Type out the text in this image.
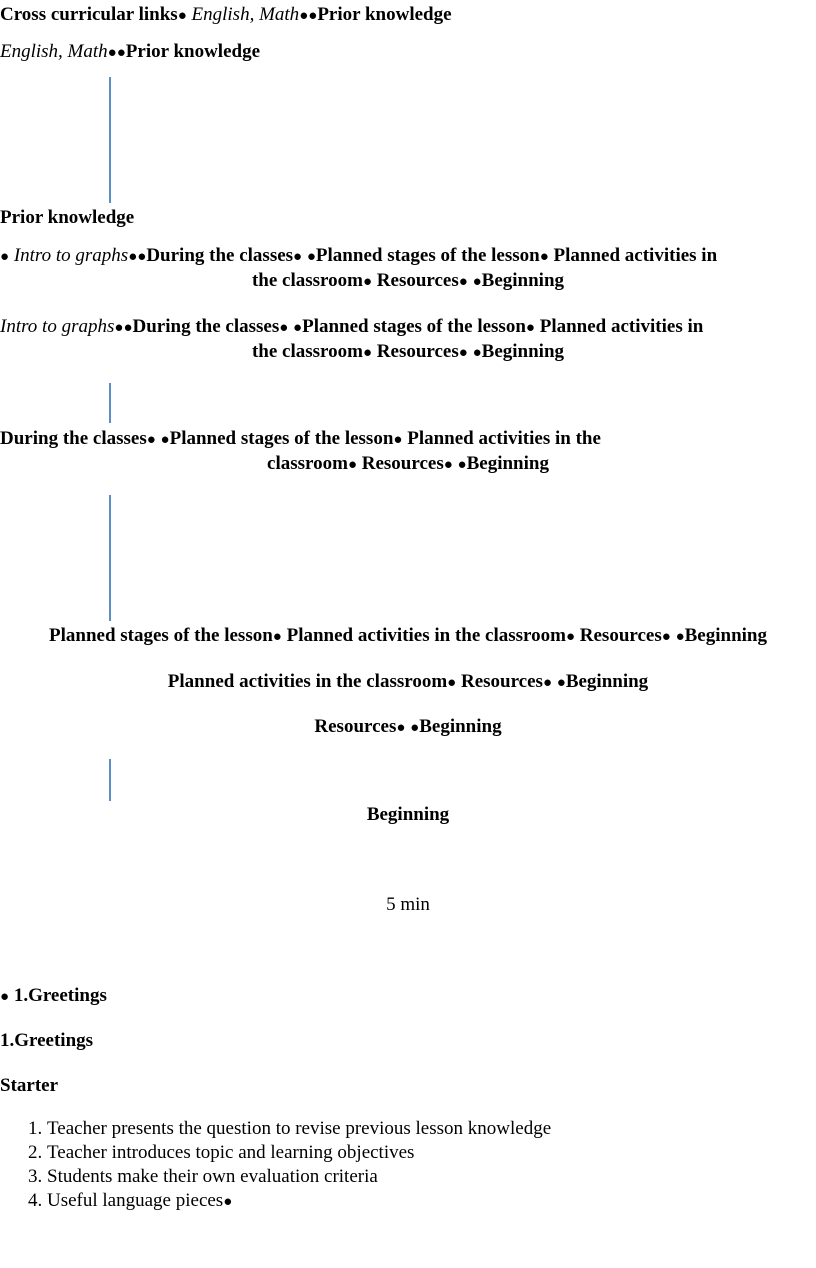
Cross curricular links● English, Math●●Prior knowledge
English, Math●●Prior knowledge
Prior knowledge
● Intro to graphs●●During the classes● ●Planned stages of the lesson● Planned activities in
the classroom● Resources● ●Beginning
Intro to graphs●●During the classes● ●Planned stages of the lesson● Planned activities in
the classroom● Resources● ●Beginning
During the classes● ●Planned stages of the lesson● Planned activities in the
classroom● Resources● ●Beginning
Planned stages of the lesson● Planned activities in the classroom● Resources● ●Beginning
Planned activities in the classroom● Resources● ●Beginning
Resources● ●Beginning
Beginning
5 min
● 1.Greetings
1.Greetings
Starter
1. Teacher presents the question to revise previous lesson knowledge
2. Teacher introduces topic and learning objectives
3. Students make their own evaluation criteria
4. Useful language pieces●
